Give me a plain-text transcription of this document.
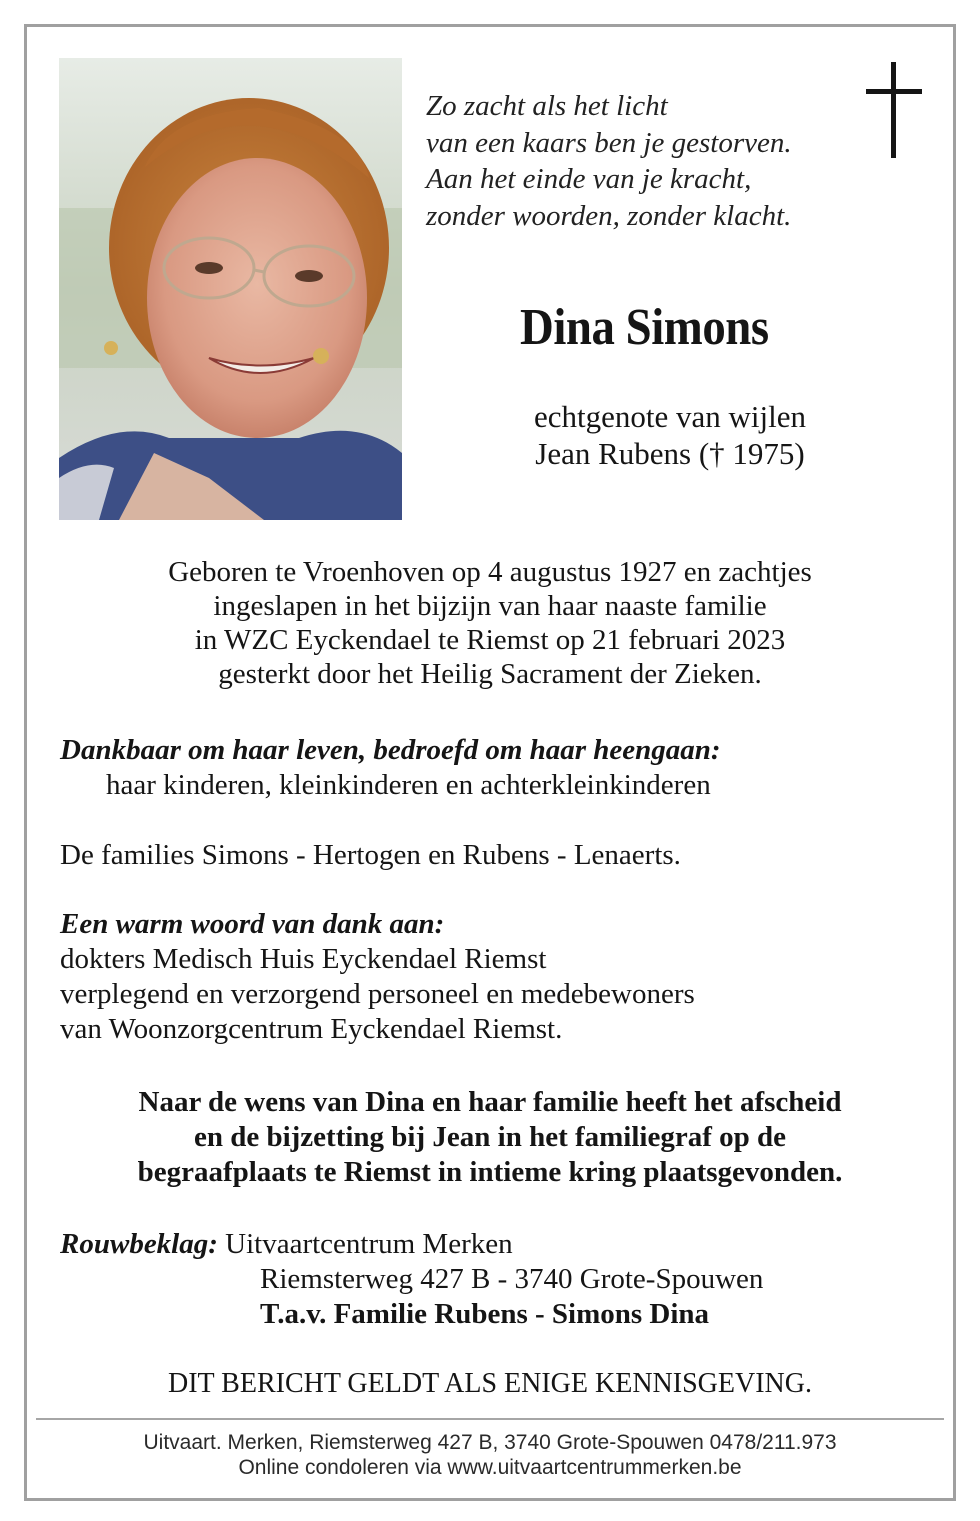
Zo zacht als het licht
van een kaars ben je gestorven.
Aan het einde van je kracht,
zonder woorden, zonder klacht.
Dina Simons
echtgenote van wijlen
Jean Rubens († 1975)
Geboren te Vroenhoven op 4 augustus 1927 en zachtjes
ingeslapen in het bijzijn van haar naaste familie
in WZC Eyckendael te Riemst op 21 februari 2023
gesterkt door het Heilig Sacrament der Zieken.
Dankbaar om haar leven, bedroefd om haar heengaan:
haar kinderen, kleinkinderen en achterkleinkinderen
De families Simons - Hertogen en Rubens - Lenaerts.
Een warm woord van dank aan:
dokters Medisch Huis Eyckendael Riemst
verplegend en verzorgend personeel en medebewoners
van Woonzorgcentrum Eyckendael Riemst.
Naar de wens van Dina en haar familie heeft het afscheid
en de bijzetting bij Jean in het familiegraf op de
begraafplaats te Riemst in intieme kring plaatsgevonden.
Rouwbeklag: Uitvaartcentrum Merken
Riemsterweg 427 B - 3740 Grote-Spouwen
T.a.v. Familie Rubens - Simons Dina
DIT BERICHT GELDT ALS ENIGE KENNISGEVING.
Uitvaart. Merken, Riemsterweg 427 B, 3740 Grote-Spouwen 0478/211.973
Online condoleren via www.uitvaartcentrummerken.be
